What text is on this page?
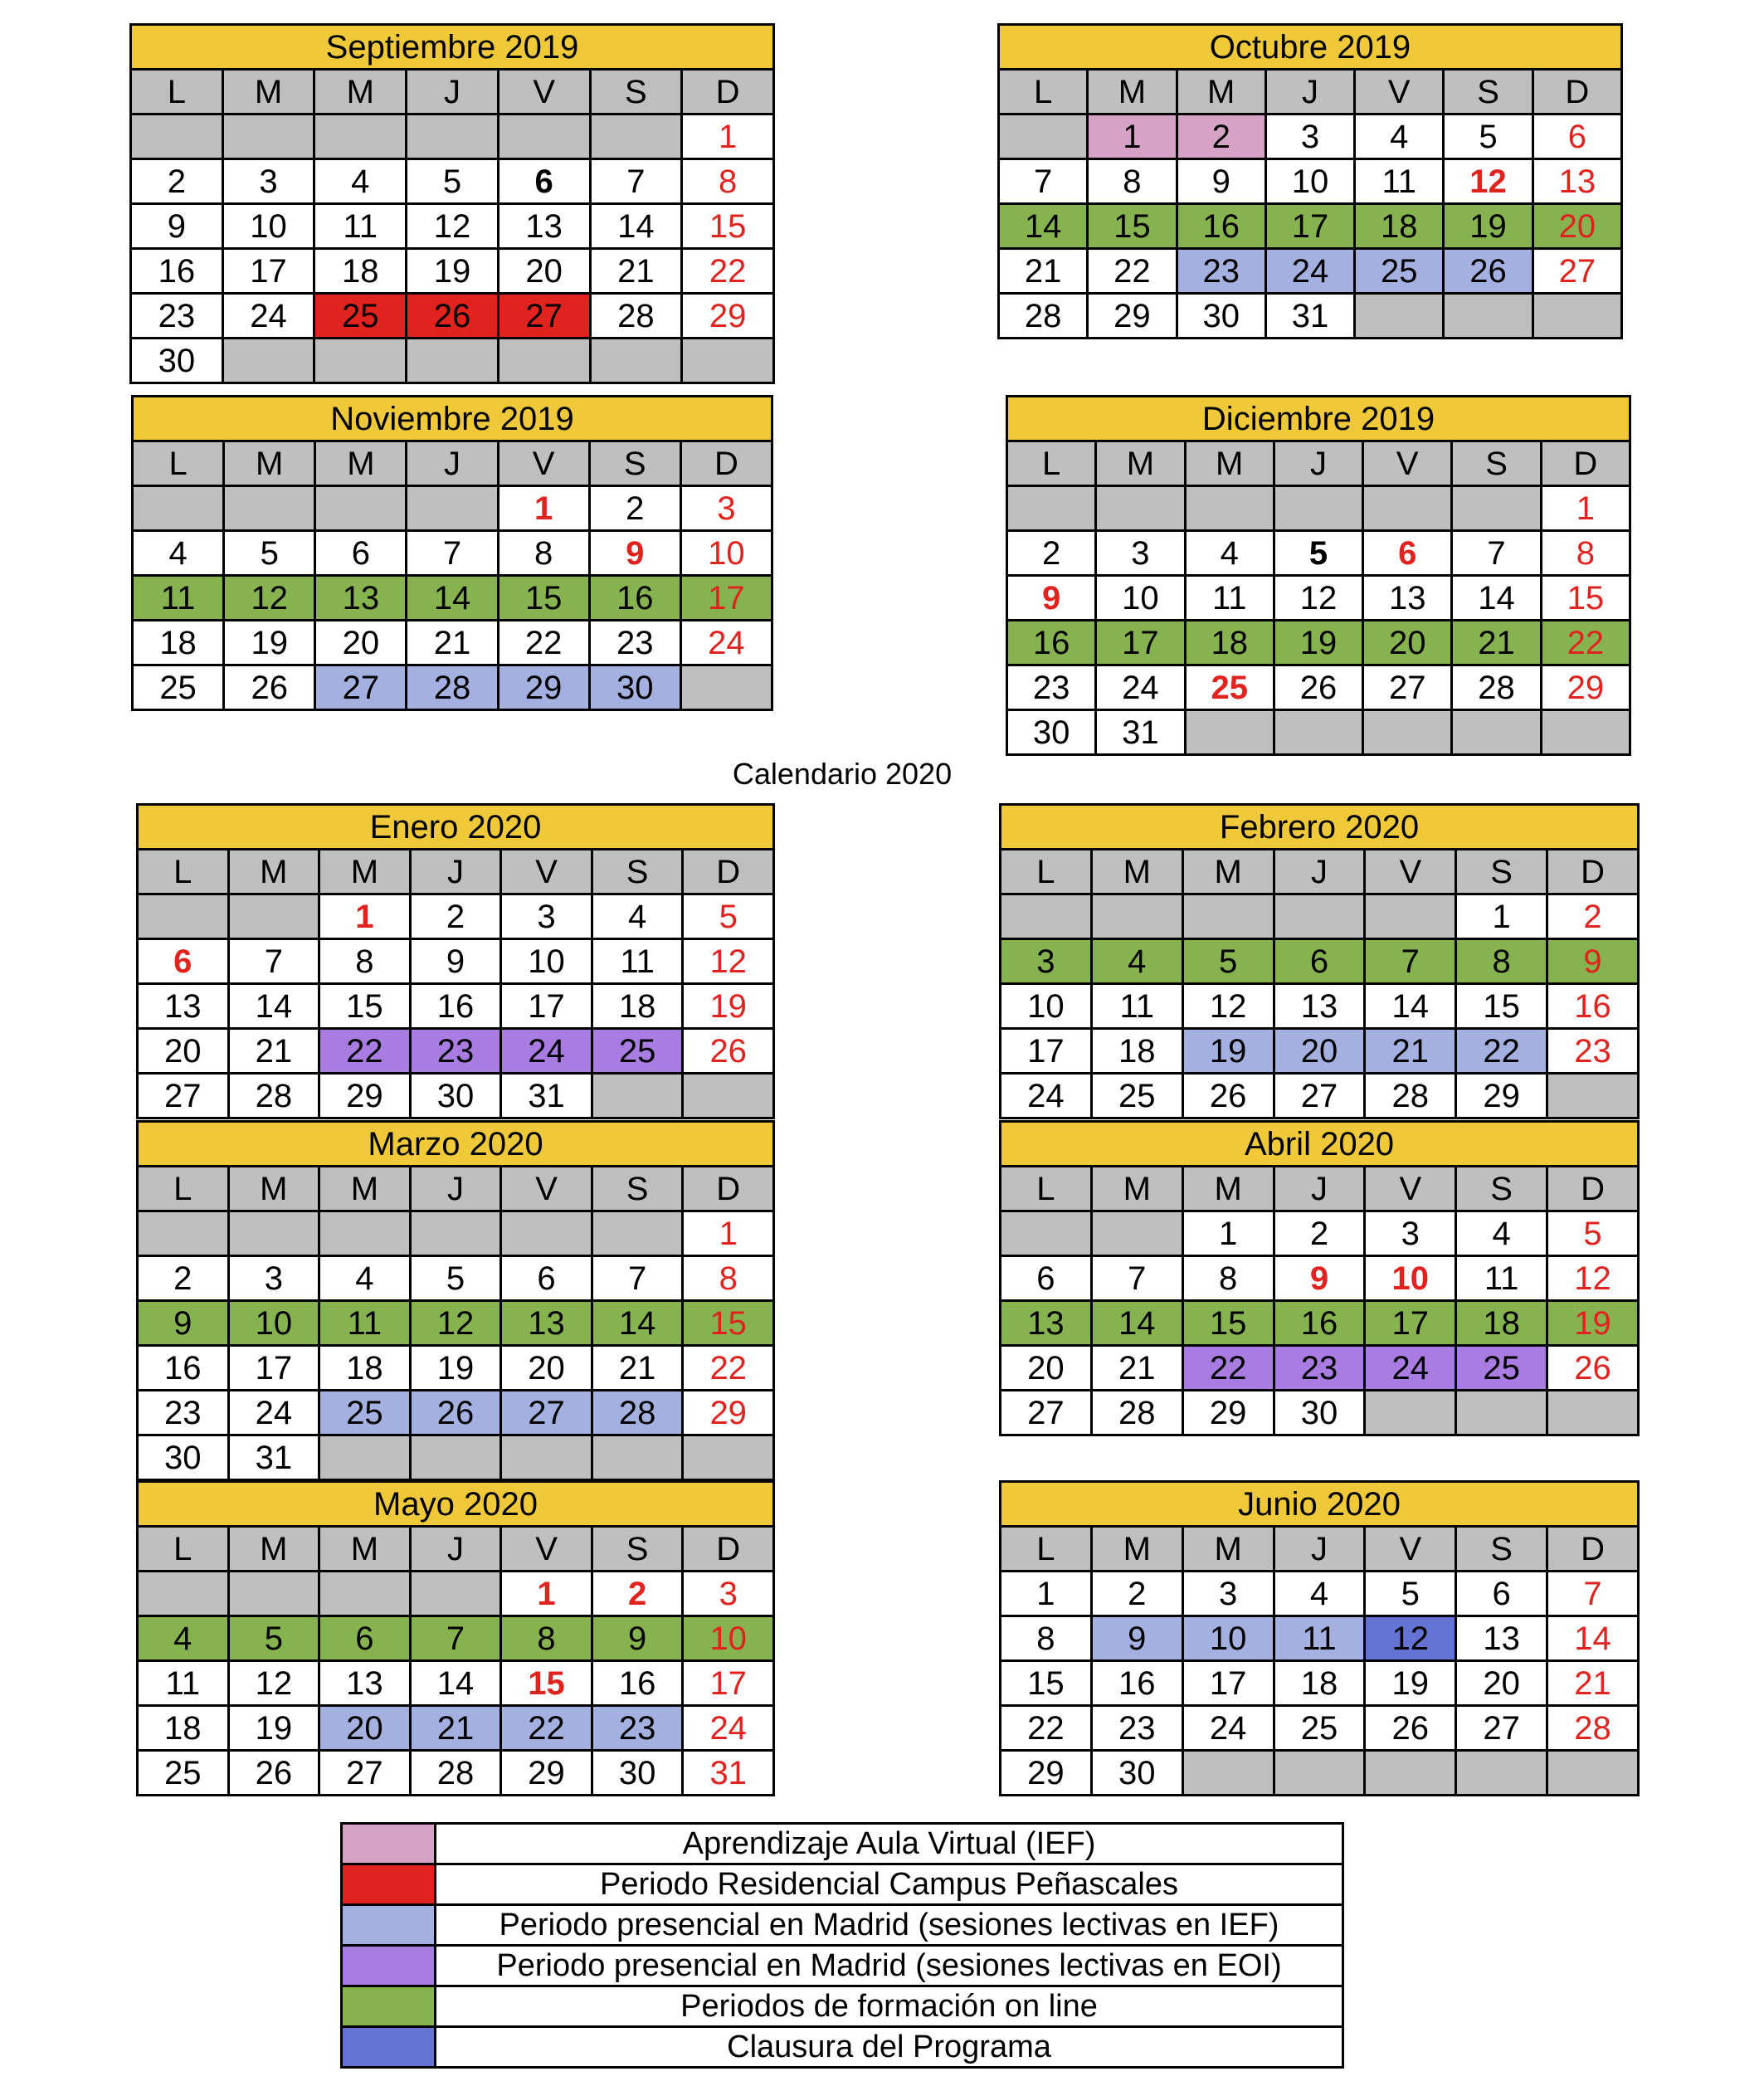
Calendario 2020
Septiembre 2019						
L	M	M	J	V	S	D
						1
2	3	4	5	6	7	8
9	10	11	12	13	14	15
16	17	18	19	20	21	22
23	24	25	26	27	28	29
30						
Octubre 2019						
L	M	M	J	V	S	D
	1	2	3	4	5	6
7	8	9	10	11	12	13
14	15	16	17	18	19	20
21	22	23	24	25	26	27
28	29	30	31			
Noviembre 2019						
L	M	M	J	V	S	D
				1	2	3
4	5	6	7	8	9	10
11	12	13	14	15	16	17
18	19	20	21	22	23	24
25	26	27	28	29	30	
Diciembre 2019						
L	M	M	J	V	S	D
						1
2	3	4	5	6	7	8
9	10	11	12	13	14	15
16	17	18	19	20	21	22
23	24	25	26	27	28	29
30	31					
Enero 2020						
L	M	M	J	V	S	D
		1	2	3	4	5
6	7	8	9	10	11	12
13	14	15	16	17	18	19
20	21	22	23	24	25	26
27	28	29	30	31		
Febrero 2020						
L	M	M	J	V	S	D
					1	2
3	4	5	6	7	8	9
10	11	12	13	14	15	16
17	18	19	20	21	22	23
24	25	26	27	28	29	
Marzo 2020						
L	M	M	J	V	S	D
						1
2	3	4	5	6	7	8
9	10	11	12	13	14	15
16	17	18	19	20	21	22
23	24	25	26	27	28	29
30	31					
Abril 2020						
L	M	M	J	V	S	D
		1	2	3	4	5
6	7	8	9	10	11	12
13	14	15	16	17	18	19
20	21	22	23	24	25	26
27	28	29	30			
Mayo 2020						
L	M	M	J	V	S	D
				1	2	3
4	5	6	7	8	9	10
11	12	13	14	15	16	17
18	19	20	21	22	23	24
25	26	27	28	29	30	31
Junio 2020						
L	M	M	J	V	S	D
1	2	3	4	5	6	7
8	9	10	11	12	13	14
15	16	17	18	19	20	21
22	23	24	25	26	27	28
29	30					
	Aprendizaje Aula Virtual (IEF)
	Periodo Residencial Campus Peñascales
	Periodo presencial en Madrid (sesiones lectivas en IEF)
	Periodo presencial en Madrid (sesiones lectivas en EOI)
	Periodos de formación on line
	Clausura del Programa
